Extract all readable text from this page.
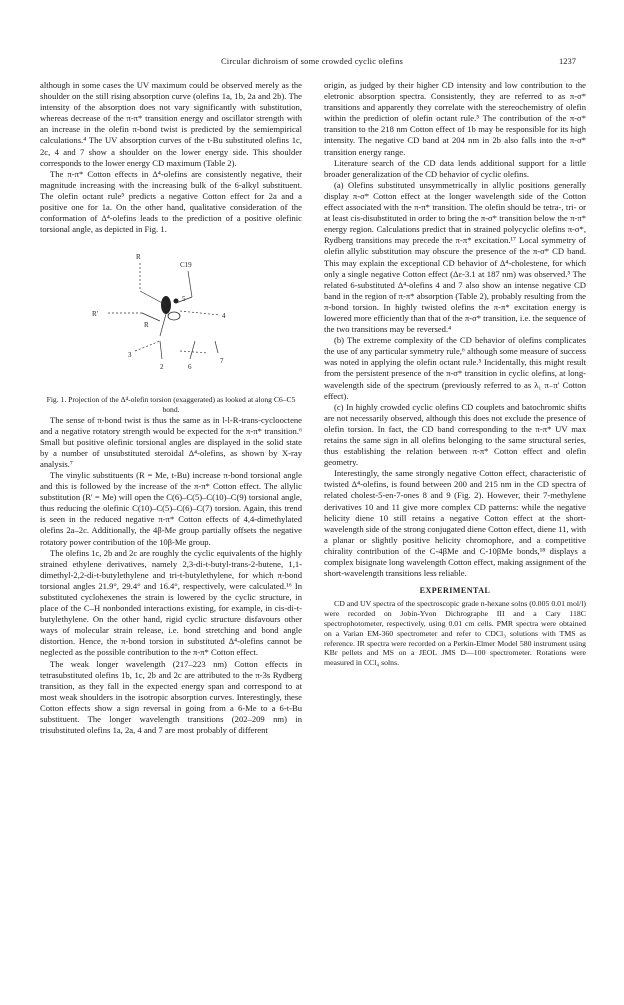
Circular dichroism of some crowded cyclic olefins	1237

although in some cases the UV maximum could be observed merely as the shoulder on the still rising absorption curve (olefins 1a, 1b, 2a and 2b). The intensity of the absorption does not vary significantly with substitution, whereas decrease of the π-π* transition energy and oscillator strength with an increase in the olefin π-bond twist is predicted by the semiempirical calculations.⁴ The UV absorption curves of the t-Bu substituted olefins 1c, 2c, 4 and 7 show a shoulder on the lower energy side. This shoulder corresponds to the lower energy CD maximum (Table 2).

The π-π* Cotton effects in Δ⁴-olefins are consistently negative, their magnitude increasing with the increasing bulk of the 6-alkyl substituent. The olefin octant rule⁵ predicts a negative Cotton effect for 2a and a positive one for 1a. On the other hand, qualitative consideration of the conformation of Δ⁴-olefins leads to the prediction of a positive olefinic torsional angle, as depicted in Fig. 1.

R
C19
R'
R
5
4
3
2	6
7

Fig. 1. Projection of the Δ⁴-olefin torsion (exaggerated) as looked at along C6–C5 bond.

The sense of π-bond twist is thus the same as in l-l-R-trans-cyclooctene and a negative rotatory strength would be expected for the π-π* transition.⁶ Small but positive olefinic torsional angles are displayed in the solid state by a number of unsubstituted steroidal Δ⁴-olefins, as shown by X-ray analysis.⁷

The vinylic substituents (R = Me, t-Bu) increase π-bond torsional angle and this is followed by the increase of the π-π* Cotton effect. The allylic substitution (R' = Me) will open the C(6)–C(5)–C(10)–C(9) torsional angle, thus reducing the olefinic C(10)–C(5)–C(6)–C(7) torsion. Again, this trend is seen in the reduced negative π-π* Cotton effects of 4,4-dimethylated olefins 2a–2c. Additionally, the 4β-Me group partially offsets the negative rotatory power contribution of the 10β-Me group.

The olefins 1c, 2b and 2c are roughly the cyclic equivalents of the highly strained ethylene derivatives, namely 2,3-di-t-butyl-trans-2-butene, 1,1-dimethyl-2,2-di-t-butylethylene and tri-t-butylethylene, for which π-bond torsional angles 21.9°, 29.4° and 16.4°, respectively, were calculated.¹⁶ In substituted cyclohexenes the strain is lowered by the cyclic structure, in place of the C–H nonbonded interactions existing, for example, in cis-di-t-butylethylene. On the other hand, rigid cyclic structure disfavours other ways of molecular strain release, i.e. bond stretching and bond angle distortion. Hence, the π-bond torsion in substituted Δ⁴-olefins cannot be neglected as the possible contribution to the π-π* Cotton effect.

The weak longer wavelength (217–223 nm) Cotton effects in tetrasubstituted olefins 1b, 1c, 2b and 2c are attributed to the π-3s Rydberg transition, as they fall in the expected energy span and correspond to at most weak shoulders in the isotropic absorption curves. Interestingly, these Cotton effects show a sign reversal in going from a 6-Me to a 6-t-Bu substituent. The longer wavelength transitions (202–209 nm) in trisubstituted olefins 1a, 2a, 4 and 7 are most probably of different

origin, as judged by their higher CD intensity and low contribution to the eletronic absorption spectra. Consistently, they are referred to as π-σ* transitions and apparently they correlate with the stereochemistry of olefin within the prediction of olefin octant rule.⁵ The contribution of the π-σ* transition to the 218 nm Cotton effect of 1b may be responsible for its high intensity. The negative CD band at 204 nm in 2b also falls into the π-σ* transition energy range.

Literature search of the CD data lends additional support for a little broader generalization of the CD behavior of cyclic olefins.

(a) Olefins substituted unsymmetrically in allylic positions generally display π-σ* Cotton effect at the longer wavelength side of the Cotton effect associated with the π-π* transition. The olefin should be tetra-, tri- or at least cis-disubstituted in order to bring the π-σ* transition below the π-π* energy region. Calculations predict that in strained polycyclic olefins π-σ*, Rydberg transitions may precede the π-π* excitation.¹⁷ Local symmetry of olefin allylic substitution may obscure the presence of the π-σ* CD band. This may explain the exceptional CD behavior of Δ⁴-cholestene, for which only a single negative Cotton effect (Δε-3.1 at 187 nm) was observed.⁵ The related 6-substituted Δ⁴-olefins 4 and 7 also show an intense negative CD band in the region of π-π* absorption (Table 2), probably resulting from the π-bond torsion. In highly twisted olefins the π-π* excitation energy is lowered more efficiently than that of the π-σ* transition, i.e. the sequence of the two transitions may be reversed.⁴

(b) The extreme complexity of the CD behavior of olefins complicates the use of any particular symmetry rule,⁶ although some measure of success was noted in applying the olefin octant rule.⁵ Incidentally, this might result from the persistent presence of the π-σ* transition in cyclic olefins, at long-wavelength side of the spectrum (previously referred to as λ₁ π₋π′ Cotton effect).

(c) In highly crowded cyclic olefins CD couplets and batochromic shifts are not necessarily observed, although this does not exclude the presence of olefin torsion. In fact, the CD band corresponding to the π-π* UV max retains the same sign in all olefins belonging to the same structural series, thus establishing the relation between π-π* Cotton effect and olefin geometry.

Interestingly, the same strongly negative Cotton effect, characteristic of twisted Δ⁴-olefins, is found between 200 and 215 nm in the CD spectra of related cholest-5-en-7-ones 8 and 9 (Fig. 2). However, their 7-methylene derivatives 10 and 11 give more complex CD patterns: while the negative helicity diene 10 still retains a negative Cotton effect at the short-wavelength side of the strong conjugated diene Cotton effect, diene 11, with a planar or slightly positive helicity chromophore, and a competitive chirality contribution of the C-4βMe and C-10βMe bonds,¹⁸ displays a complex bisignate long wavelength Cotton effect, making assignment of the short-wavelength transitions less reliable.

EXPERIMENTAL

CD and UV spectra of the spectroscopic grade n-hexane solns (0.005 0.01 mol/l) were recorded on Jobin-Yvon Dichrographe III and a Cary 118C spectrophotometer, respectively, using 0.01 cm cells. PMR spectra were obtained on a Varian EM-360 spectrometer and refer to CDCl₃ solutions with TMS as reference. IR spectra were recorded on a Perkin-Elmer Model 580 instrument using KBr pellets and MS on a JEOL JMS D—100 spectrometer. Rotations were measured in CCl₄ solns.
